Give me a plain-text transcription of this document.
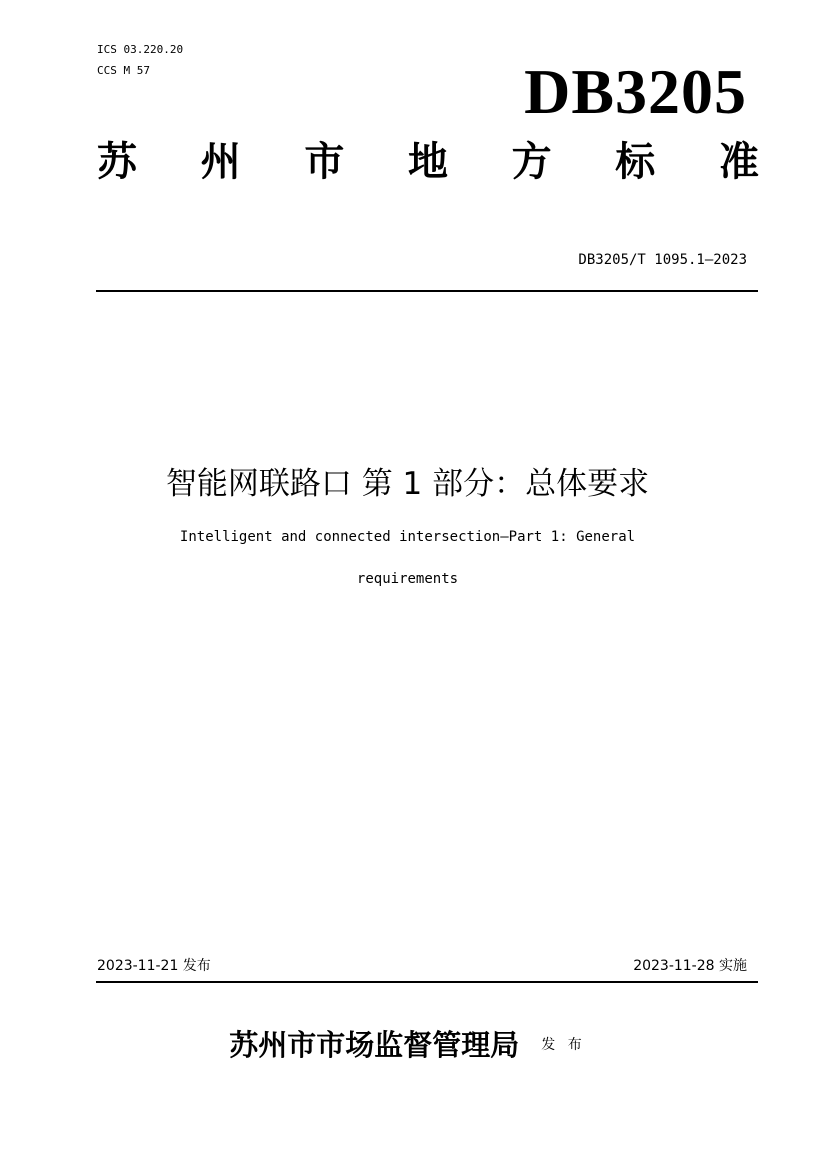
ICS 03.220.20
CCS M 57	DB3205
苏 州 市 地 方 标 准
DB3205/T 1095.1—2023
智能网联路口 第 1 部分：总体要求
Intelligent and connected intersection—Part 1: General
requirements
2023-11-21 发布	2023-11-28 实施
苏州市市场监督管理局 发 布
